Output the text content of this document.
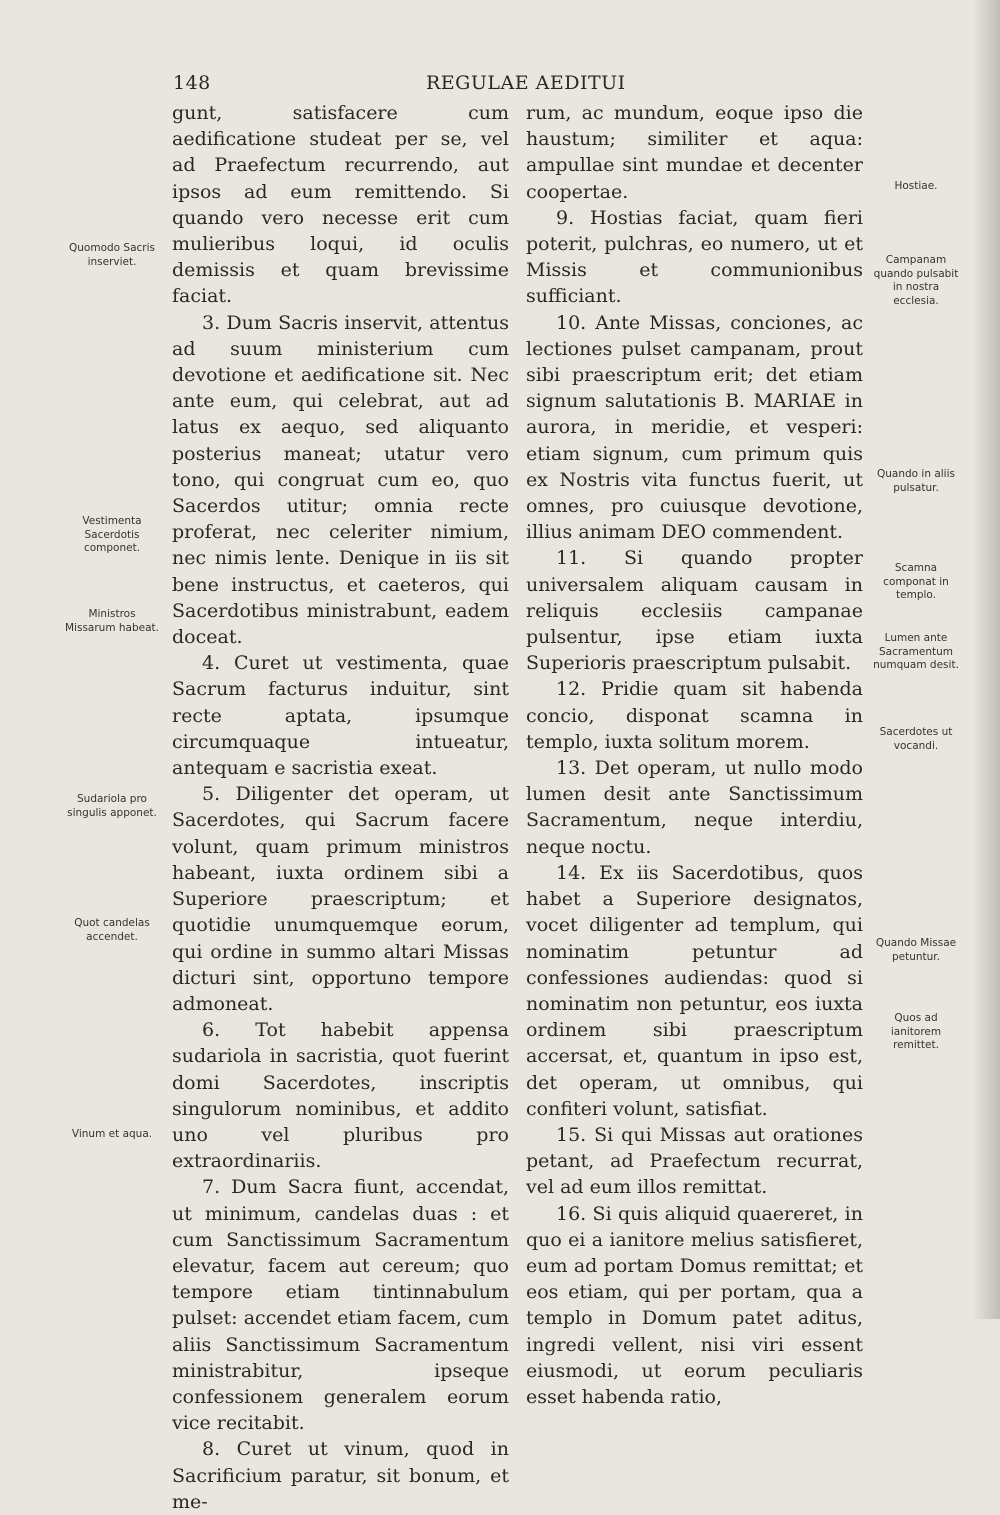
148	REGULAE AEDITUI

gunt, satisfacere cum aedificatione studeat per se, vel ad Praefectum recurrendo, aut ipsos ad eum remittendo. Si quando vero necesse erit cum mulieribus loqui, id oculis demissis et quam brevissime faciat.

3. Dum Sacris inservit, attentus ad suum ministerium cum devotione et aedificatione sit. Nec ante eum, qui celebrat, aut ad latus ex aequo, sed aliquanto posterius maneat; utatur vero tono, qui congruat cum eo, quo Sacerdos utitur; omnia recte proferat, nec celeriter nimium, nec nimis lente. Denique in iis sit bene instructus, et caeteros, qui Sacerdotibus ministrabunt, eadem doceat.

4. Curet ut vestimenta, quae Sacrum facturus induitur, sint recte aptata, ipsumque circumquaque intueatur, antequam e sacristia exeat.

5. Diligenter det operam, ut Sacerdotes, qui Sacrum facere volunt, quam primum ministros habeant, iuxta ordinem sibi a Superiore praescriptum; et quotidie unumquemque eorum, qui ordine in summo altari Missas dicturi sint, opportuno tempore admoneat.

6. Tot habebit appensa sudariola in sacristia, quot fuerint domi Sacerdotes, inscriptis singulorum nominibus, et addito uno vel pluribus pro extraordinariis.

7. Dum Sacra fiunt, accendat, ut minimum, candelas duas : et cum Sanctissimum Sacramentum elevatur, facem aut cereum; quo tempore etiam tintinnabulum pulset: accendet etiam facem, cum aliis Sanctissimum Sacramentum ministrabitur, ipseque confessionem generalem eorum vice recitabit.

8. Curet ut vinum, quod in Sacrificium paratur, sit bonum, et me-

rum, ac mundum, eoque ipso die haustum; similiter et aqua: ampullae sint mundae et decenter coopertae.

9. Hostias faciat, quam fieri poterit, pulchras, eo numero, ut et Missis et communionibus sufficiant.

10. Ante Missas, conciones, ac lectiones pulset campanam, prout sibi praescriptum erit; det etiam signum salutationis B. MARIAE in aurora, in meridie, et vesperi: etiam signum, cum primum quis ex Nostris vita functus fuerit, ut omnes, pro cuiusque devotione, illius animam DEO commendent.

11. Si quando propter universalem aliquam causam in reliquis ecclesiis campanae pulsentur, ipse etiam iuxta Superioris praescriptum pulsabit.

12. Pridie quam sit habenda concio, disponat scamna in templo, iuxta solitum morem.

13. Det operam, ut nullo modo lumen desit ante Sanctissimum Sacramentum, neque interdiu, neque noctu.

14. Ex iis Sacerdotibus, quos habet a Superiore designatos, vocet diligenter ad templum, qui nominatim petuntur ad confessiones audiendas: quod si nominatim non petuntur, eos iuxta ordinem sibi praescriptum accersat, et, quantum in ipso est, det operam, ut omnibus, qui confiteri volunt, satisfiat.

15. Si qui Missas aut orationes petant, ad Praefectum recurrat, vel ad eum illos remittat.

16. Si quis aliquid quaereret, in quo ei a ianitore melius satisfieret, eum ad portam Domus remittat; et eos etiam, qui per portam, qua a templo in Domum patet aditus, ingredi vellent, nisi viri essent eiusmodi, ut eorum peculiaris esset habenda ratio,

Quomodo Sacris inserviet.
Vestimenta Sacerdotis componet.
Ministros Missarum habeat.
Sudariola pro singulis apponet.
Quot candelas accendet.
Vinum et aqua.
Hostiae.
Campanam quando pulsabit in nostra ecclesia.
Quando in aliis pulsatur.
Scamna componat in templo.
Lumen ante Sacramentum numquam desit.
Sacerdotes ut vocandi.
Quando Missae petuntur.
Quos ad ianitorem remittet.
